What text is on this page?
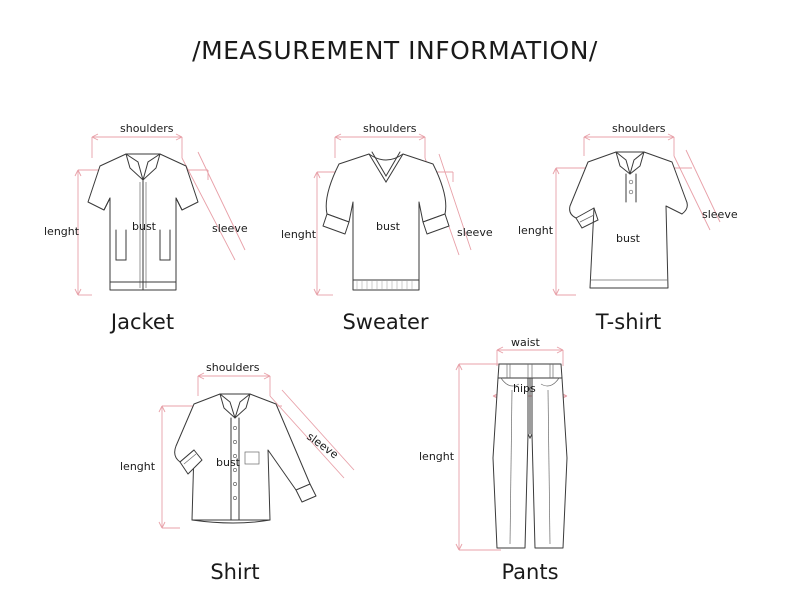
/MEASUREMENT INFORMATION/
shoulders
bust
lenght	sleeve
Jacket
shoulders
bust
lenght	sleeve
Sweater
shoulders
bust
lenght
sleeve
T-shirt
shoulders
bust
lenght
sleeve
Shirt
waist
hips
lenght
Pants
